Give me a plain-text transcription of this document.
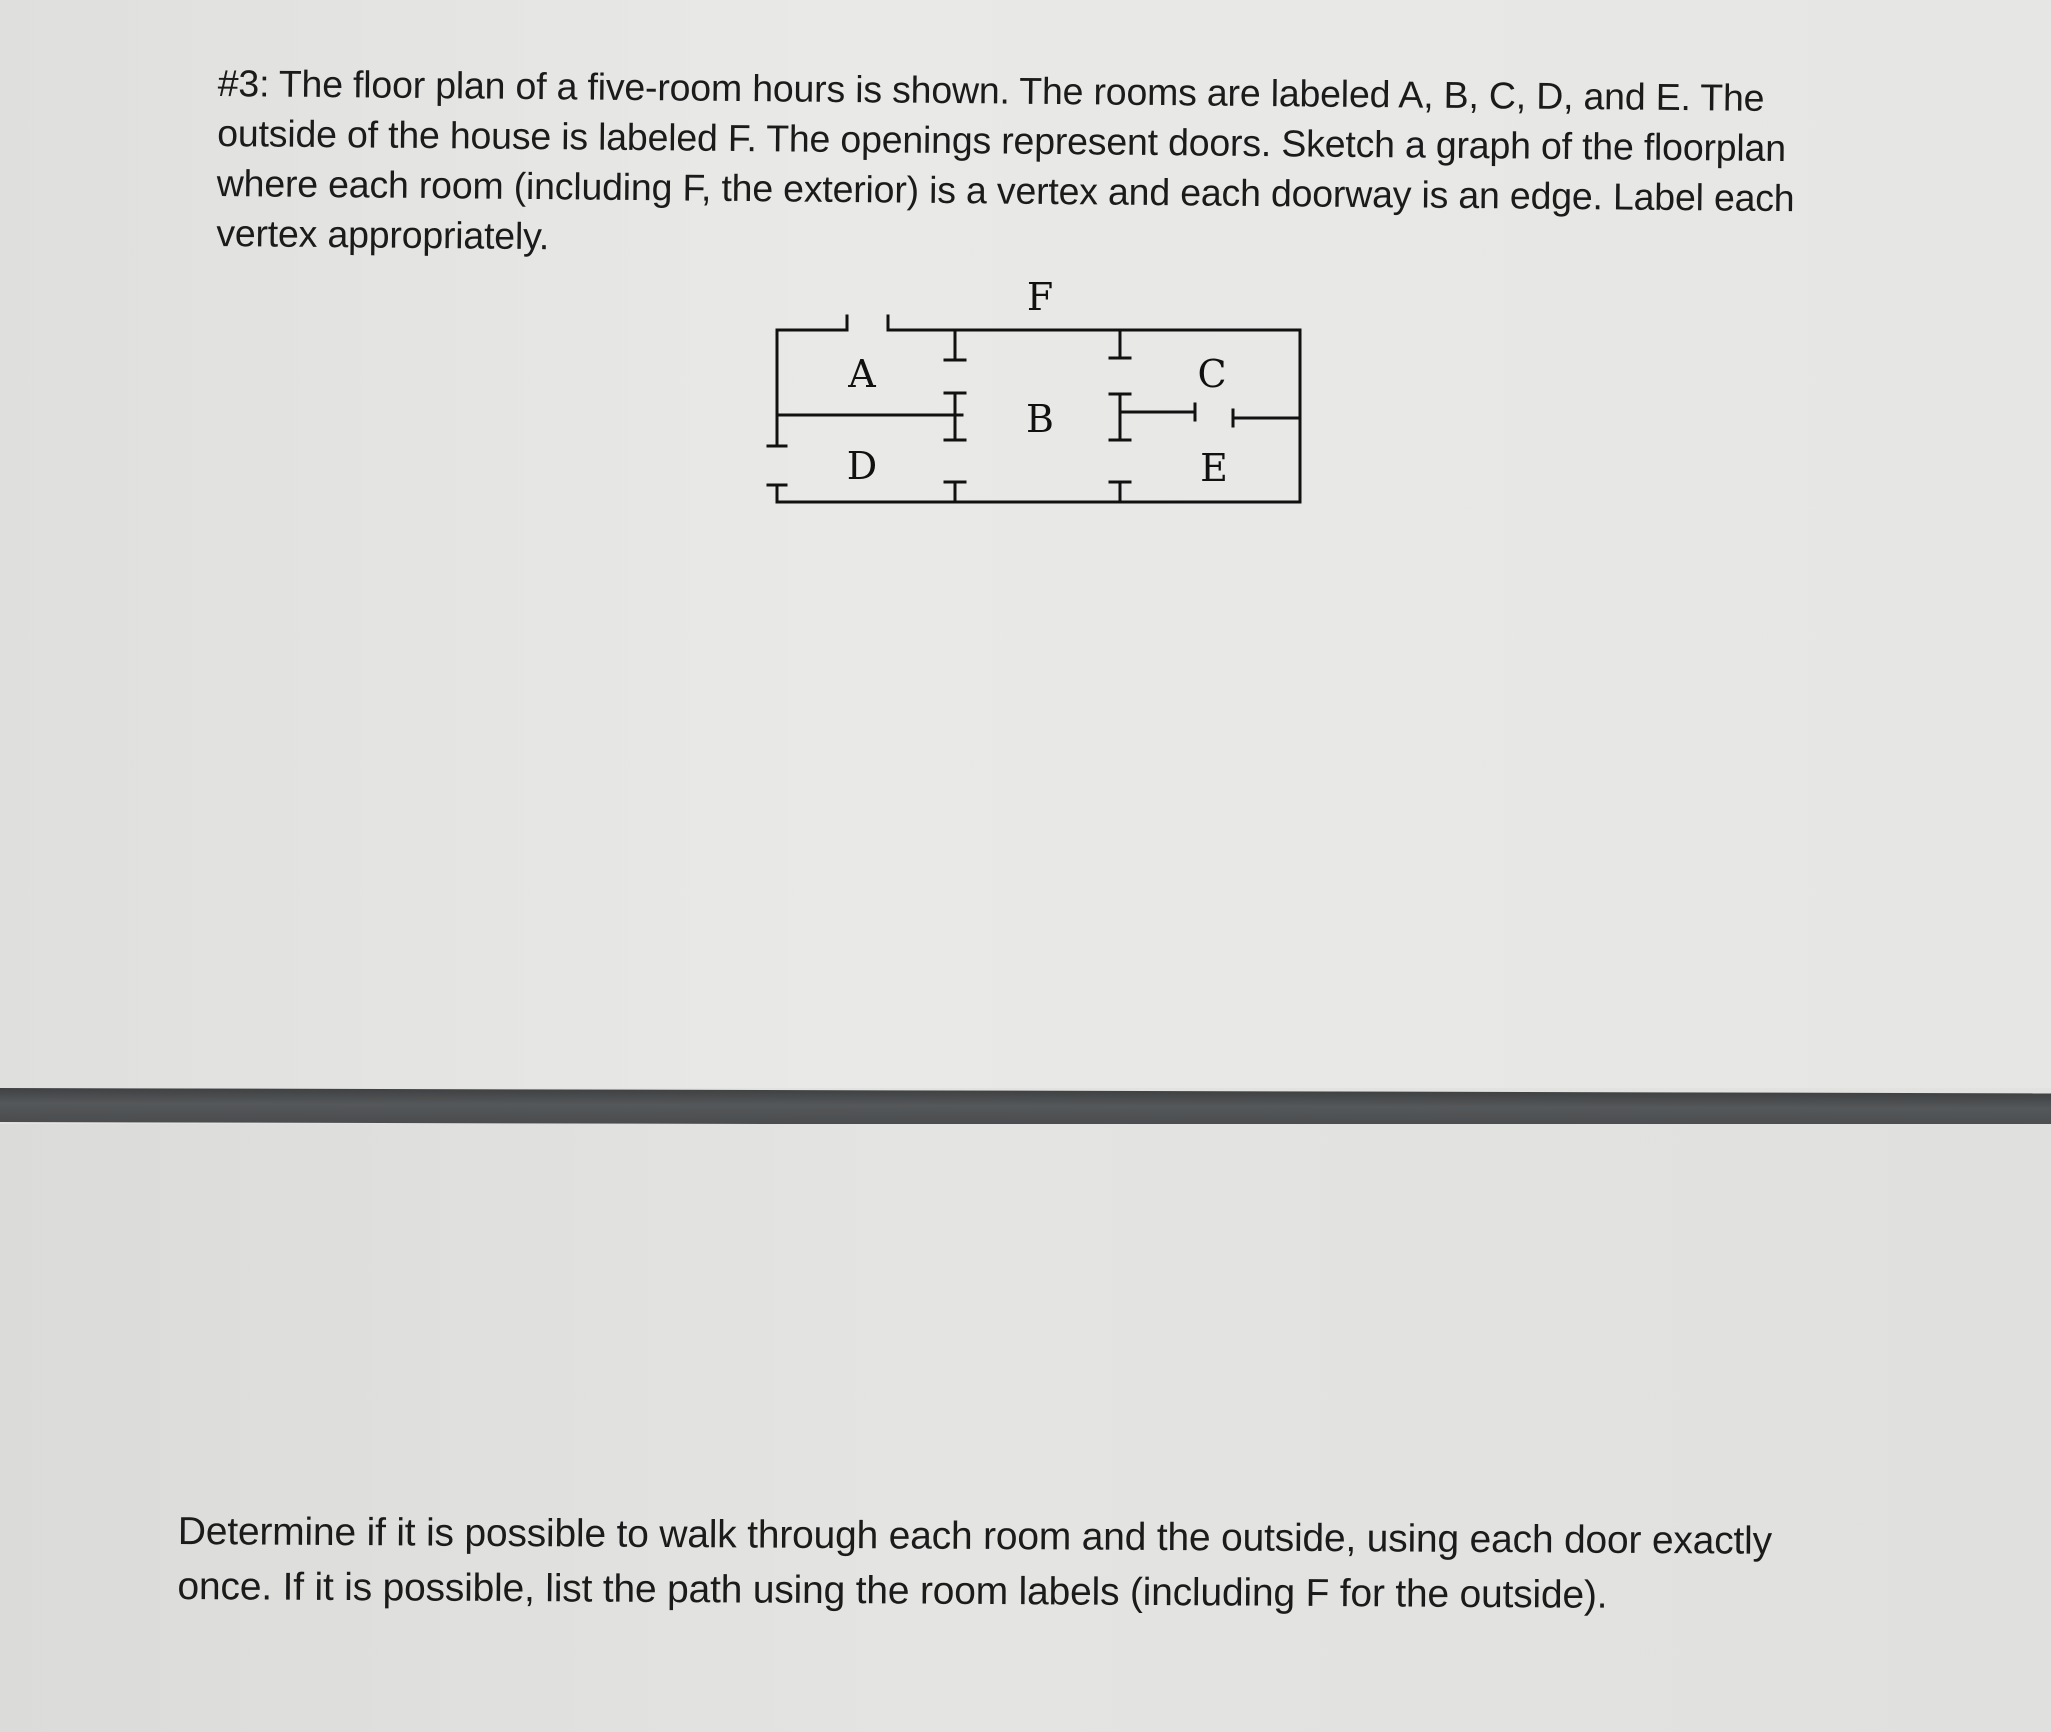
#3: The floor plan of a five-room hours is shown. The rooms are labeled A, B, C, D, and E. The outside of the house is labeled F. The openings represent doors. Sketch a graph of the floorplan where each room (including F, the exterior) is a vertex and each doorway is an edge. Label each vertex appropriately.

F
A
B
C
D	E

Determine if it is possible to walk through each room and the outside, using each door exactly once. If it is possible, list the path using the room labels (including F for the outside).
